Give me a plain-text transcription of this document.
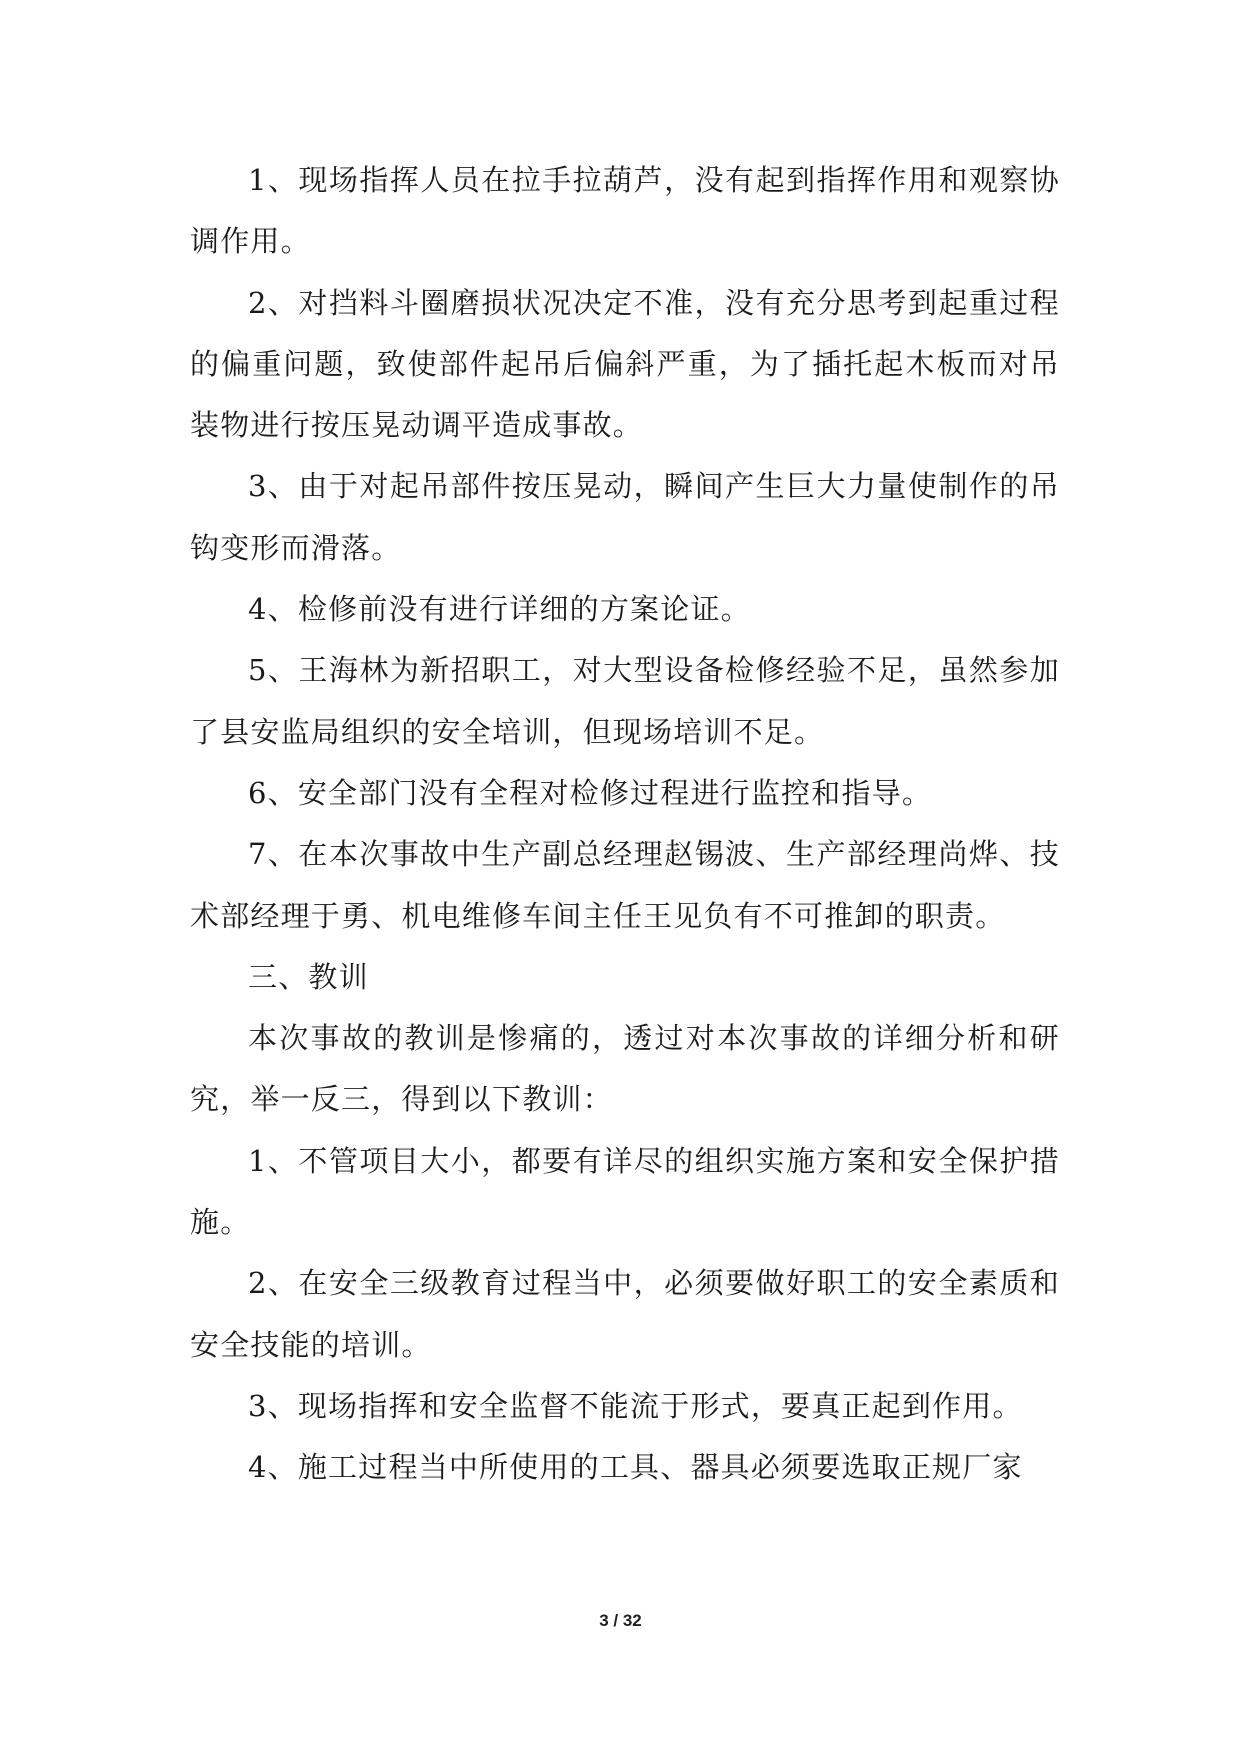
1、现场指挥人员在拉手拉葫芦，没有起到指挥作用和观察协调作用。

2、对挡料斗圈磨损状况决定不准，没有充分思考到起重过程的偏重问题，致使部件起吊后偏斜严重，为了插托起木板而对吊装物进行按压晃动调平造成事故。

3、由于对起吊部件按压晃动，瞬间产生巨大力量使制作的吊钩变形而滑落。

4、检修前没有进行详细的方案论证。

5、王海林为新招职工，对大型设备检修经验不足，虽然参加了县安监局组织的安全培训，但现场培训不足。

6、安全部门没有全程对检修过程进行监控和指导。

7、在本次事故中生产副总经理赵锡波、生产部经理尚烨、技术部经理于勇、机电维修车间主任王见负有不可推卸的职责。

三、教训

本次事故的教训是惨痛的，透过对本次事故的详细分析和研究，举一反三，得到以下教训：

1、不管项目大小，都要有详尽的组织实施方案和安全保护措施。

2、在安全三级教育过程当中，必须要做好职工的安全素质和安全技能的培训。

3、现场指挥和安全监督不能流于形式，要真正起到作用。

4、施工过程当中所使用的工具、器具必须要选取正规厂家

3 / 32
